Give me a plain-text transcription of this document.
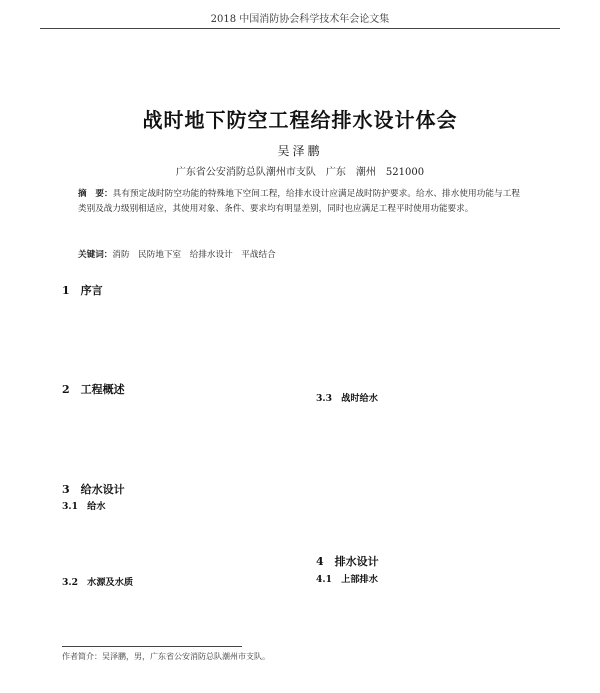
2018 中国消防协会科学技术年会论文集
战时地下防空工程给排水设计体会
吴泽鹏
广东省公安消防总队潮州市支队　广东　潮州　521000
摘　要：具有预定战时防空功能的特殊地下空间工程，给排水设计应满足战时防护要求。给水、排水使用功能与工程类别及战力级别相适应，其使用对象、条件、要求均有明显差别，同时也应满足工程平时使用功能要求。
关键词：消防　民防地下室　给排水设计　平战结合
1　序言
2　工程概述
3　给水设计
3.1　给水
3.2　水源及水质
3.3　战时给水
4　排水设计
4.1　上部排水
作者简介：吴泽鹏，男，广东省公安消防总队潮州市支队。
